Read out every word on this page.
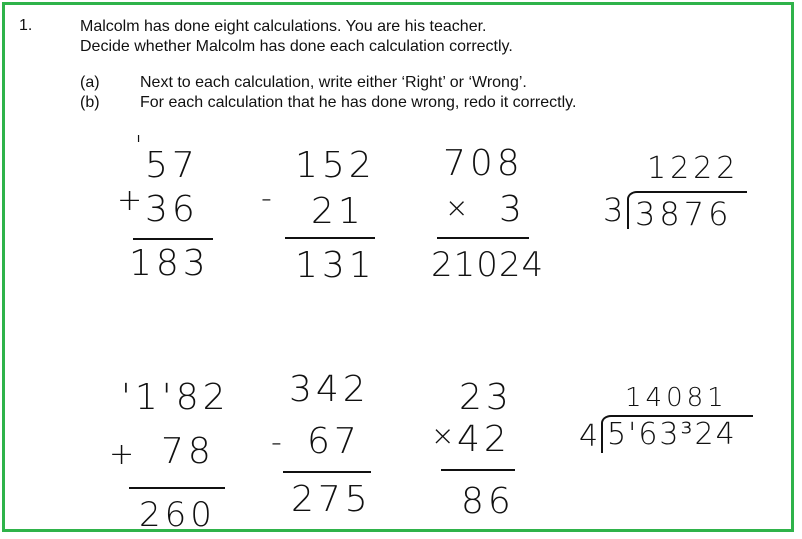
1.	Malcolm has done eight calculations. You are his teacher.
Decide whether Malcolm has done each calculation correctly.
(a)	Next to each calculation, write either ‘Right’ or ‘Wrong’.
(b)	For each calculation that he has done wrong, redo it correctly.
'
57
+
36
183
152
- 21
131
708
× 3
21024
1222
3 3876
'1'82
+ 78
260
342
- 67
275
23
×
42
86
14081
4 5'63³24
